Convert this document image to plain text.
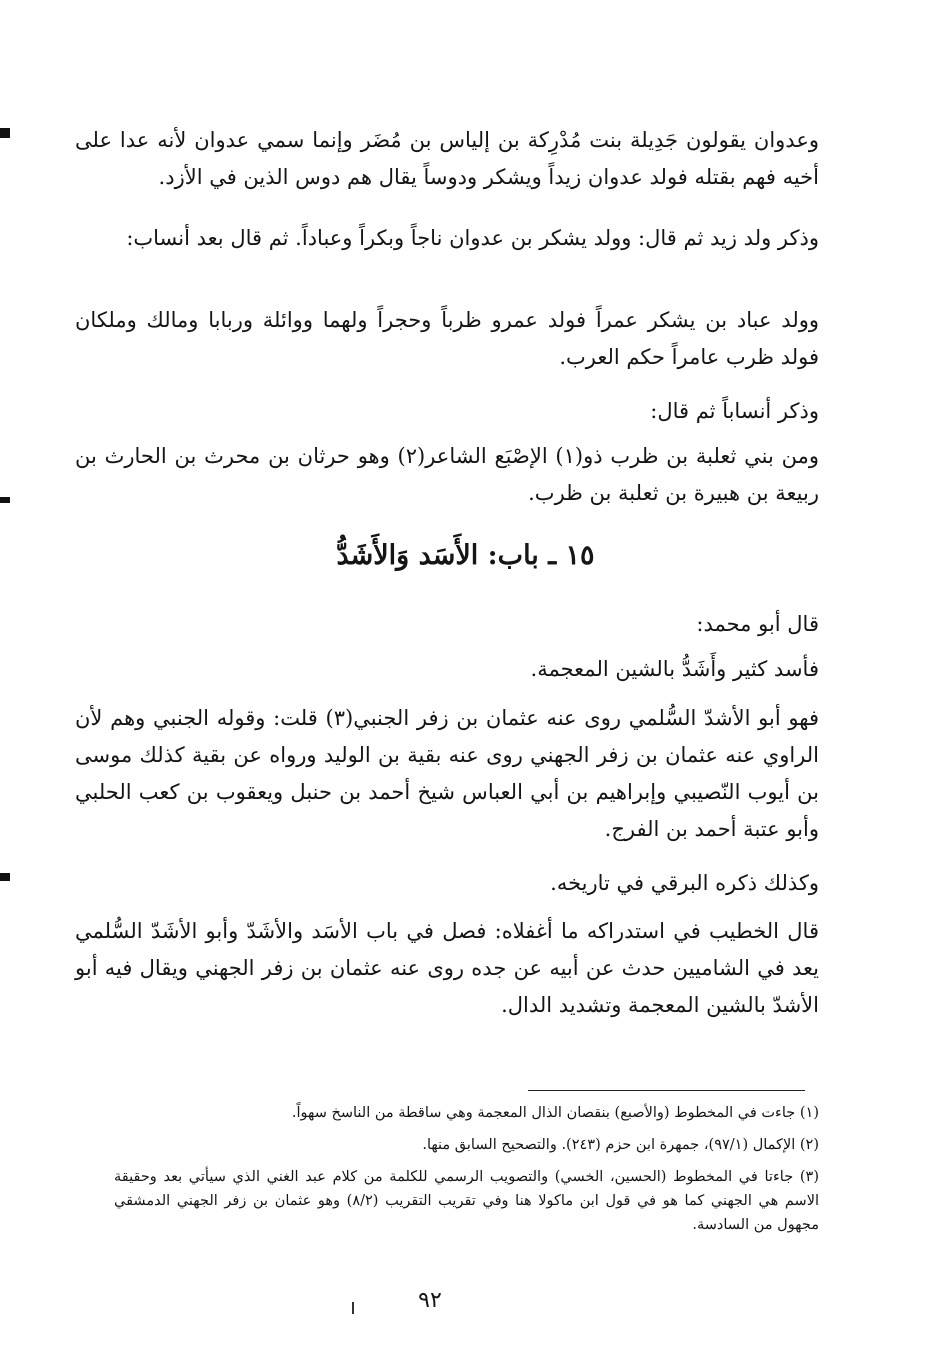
وعدوان يقولون جَدِيلة بنت مُدْرِكة بن إلياس بن مُضَر وإنما سمي عدوان لأنه عدا على أخيه فهم بقتله فولد عدوان زيداً ويشكر ودوساً يقال هم دوس الذين في الأزد.

وذكر ولد زيد ثم قال: وولد يشكر بن عدوان ناجاً وبكراً وعباداً. ثم قال بعد أنساب:

وولد عباد بن يشكر عمراً فولد عمرو ظرباً وحجراً ولهما ووائلة وربابا ومالك وملكان فولد ظرب عامراً حكم العرب.

وذكر أنساباً ثم قال:

ومن بني ثعلبة بن ظرب ذو(١) الإصْبَع الشاعر(٢) وهو حرثان بن محرث بن الحارث بن ربيعة بن هبيرة بن ثعلبة بن ظرب.

١٥ ـ باب: الأَسَد وَالأَشَدُّ

قال أبو محمد:

فأسد كثير وأَشَدُّ بالشين المعجمة.

فهو أبو الأشدّ السُّلمي روى عنه عثمان بن زفر الجنبي(٣) قلت: وقوله الجنبي وهم لأن الراوي عنه عثمان بن زفر الجهني روى عنه بقية بن الوليد ورواه عن بقية كذلك موسى بن أيوب النّصيبي وإبراهيم بن أبي العباس شيخ أحمد بن حنبل ويعقوب بن كعب الحلبي وأبو عتبة أحمد بن الفرج.

وكذلك ذكره البرقي في تاريخه.

قال الخطيب في استدراكه ما أغفلاه: فصل في باب الأسَد والأشَدّ وأبو الأشَدّ السُّلمي يعد في الشاميين حدث عن أبيه عن جده روى عنه عثمان بن زفر الجهني ويقال فيه أبو الأشدّ بالشين المعجمة وتشديد الدال.

(١) جاءت في المخطوط (والأصبع) بنقصان الذال المعجمة وهي ساقطة من الناسخ سهواً.

(٢) الإكمال (٩٧/١)، جمهرة ابن حزم (٢٤٣). والتصحيح السابق منها.

(٣) جاءتا في المخطوط (الحسين، الخسي) والتصويب الرسمي للكلمة من كلام عبد الغني الذي سيأتي بعد وحقيقة الاسم هي الجهني كما هو في قول ابن ماكولا هنا وفي تقريب التقريب (٨/٢) وهو عثمان بن زفر الجهني الدمشقي مجهول من السادسة.

٩٢
